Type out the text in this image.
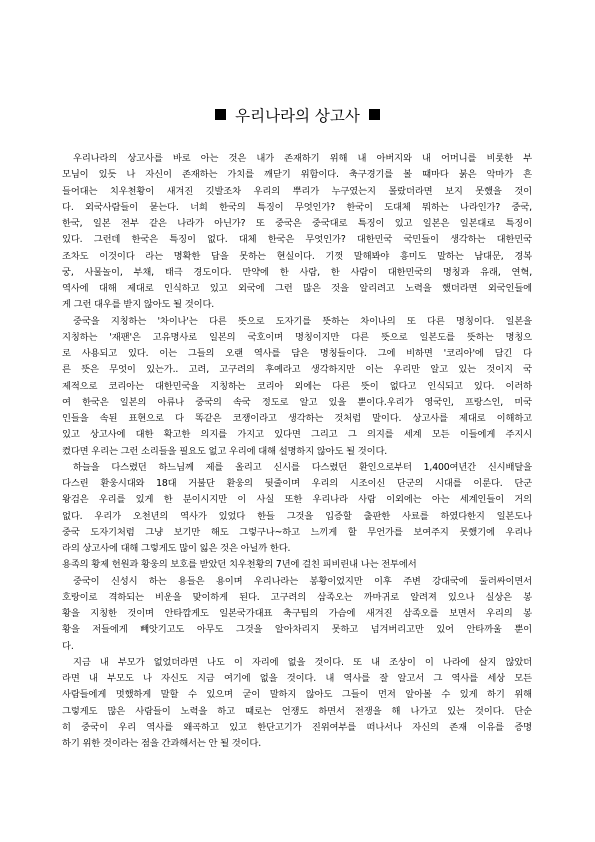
우리나라의 상고사
우리나라의 상고사를 바로 아는 것은 내가 존재하기 위해 내 아버지와 내 어머니를 비롯한 부
모님이 있듯 나 자신이 존재하는 가치를 깨닫기 위함이다. 축구경기를 볼 때마다 붉은 악마가 흔
들어대는 치우천황이 새겨진 깃발조차 우리의 뿌리가 누구였는지 몰랐더라면 보지 못했을 것이
다. 외국사람들이 묻는다. 너희 한국의 특징이 무엇인가? 한국이 도대체 뭐하는 나라인가? 중국,
한국, 일본 전부 같은 나라가 아닌가? 또 중국은 중국대로 특징이 있고 일본은 일본대로 특징이
있다. 그런데 한국은 특징이 없다. 대체 한국은 무엇인가? 대한민국 국민들이 생각하는 대한민국
조차도 이것이다 라는 명확한 답을 못하는 현실이다. 기껏 말해봐야 흥미도 말하는 남대문, 경복
궁, 사물놀이, 부채, 태극 경도이다. 만약에 한 사람, 한 사람이 대한민국의 명칭과 유래, 연혁,
역사에 대해 제대로 인식하고 있고 외국에 그런 많은 것을 알리려고 노력을 했더라면 외국인들에
게 그런 대우를 받지 않아도 될 것이다.
중국을 지칭하는 '차이나'는 다른 뜻으로 도자기를 뜻하는 차이나의 또 다른 명칭이다. 일본을
지칭하는 '재팬'은 고유명사로 일본의 국호이며 명칭이지만 다른 뜻으로 일본도를 뜻하는 명칭으
로 사용되고 있다. 이는 그들의 오랜 역사를 담은 명칭들이다. 그에 비하면 '코리아'에 담긴 다
른 뜻은 무엇이 있는가.. 고려, 고구려의 후예라고 생각하지만 이는 우리만 알고 있는 것이지 국
제적으로 코리아는 대한민국을 지칭하는 코리아 외에는 다른 뜻이 없다고 인식되고 있다. 이러하
여 한국은 일본의 아류나 중국의 속국 정도로 알고 있을 뿐이다.우리가 영국인, 프랑스인, 미국
인들을 속된 표현으로 다 똑같은 코쟁이라고 생각하는 것처럼 말이다. 상고사를 제대로 이해하고
있고 상고사에 대한 확고한 의지를 가지고 있다면 그리고 그 의지를 세계 모든 이들에게 주지시
켰다면 우리는 그런 소리들을 필요도 없고 우리에 대해 설명하지 않아도 될 것이다.
하늘을 다스렸던 하느님께 제를 올리고 신시를 다스렸던 환인으로부터 1,400여년간 신시배달을
다스린 환웅시대와 18대 거불단 환웅의 뒷줄이며 우리의 시조이신 단군의 시대를 이룬다. 단군
왕검은 우리를 있게 한 분이시지만 이 사실 또한 우리나라 사람 이외에는 아는 세계인들이 거의
없다. 우리가 오천년의 역사가 있었다 한들 그것을 입증할 출판한 사료를 하였다한지 일본도나
중국 도자기처럼 그냥 보기만 해도 그렇구나~하고 느끼게 할 무언가를 보여주지 못했기에 우리나
라의 상고사에 대해 그렇게도 많이 잃은 것은 아닐까 한다.
용족의 황제 헌원과 황웅의 보호를 받았던 치우천황의 7년에 걸친 피비린내 나는 전투에서
중국이 신성시 하는 용들은 용이며 우리나라는 봉황이었지만 이후 주변 강대국에 둘러싸이면서
호랑이로 격하되는 비운을 맞이하게 된다. 고구려의 삼족오는 까마귀로 알려져 있으나 실상은 봉
황을 지칭한 것이며 안타깝게도 일본국가대표 축구팀의 가슴에 새겨진 삼족오를 보면서 우리의 봉
황을 저들에게 빼앗기고도 아무도 그것을 알아차리지 못하고 넘겨버리고만 있어 안타까울 뿐이
다.
지금 내 부모가 없었더라면 나도 이 자리에 없을 것이다. 또 내 조상이 이 나라에 살지 않았더
라면 내 부모도 나 자신도 지금 여기에 없을 것이다. 내 역사를 잘 알고서 그 역사를 세상 모든
사람들에게 멋했하게 말할 수 있으며 굳이 말하지 않아도 그들이 먼저 알아볼 수 있게 하기 위해
그렇게도 많은 사람들이 노력을 하고 때로는 언쟁도 하면서 전쟁을 해 나가고 있는 것이다. 단순
히 중국이 우리 역사를 왜곡하고 있고 한단고기가 진위여부를 떠나서나 자신의 존재 이유를 증명
하기 위한 것이라는 점을 간과해서는 안 될 것이다.
